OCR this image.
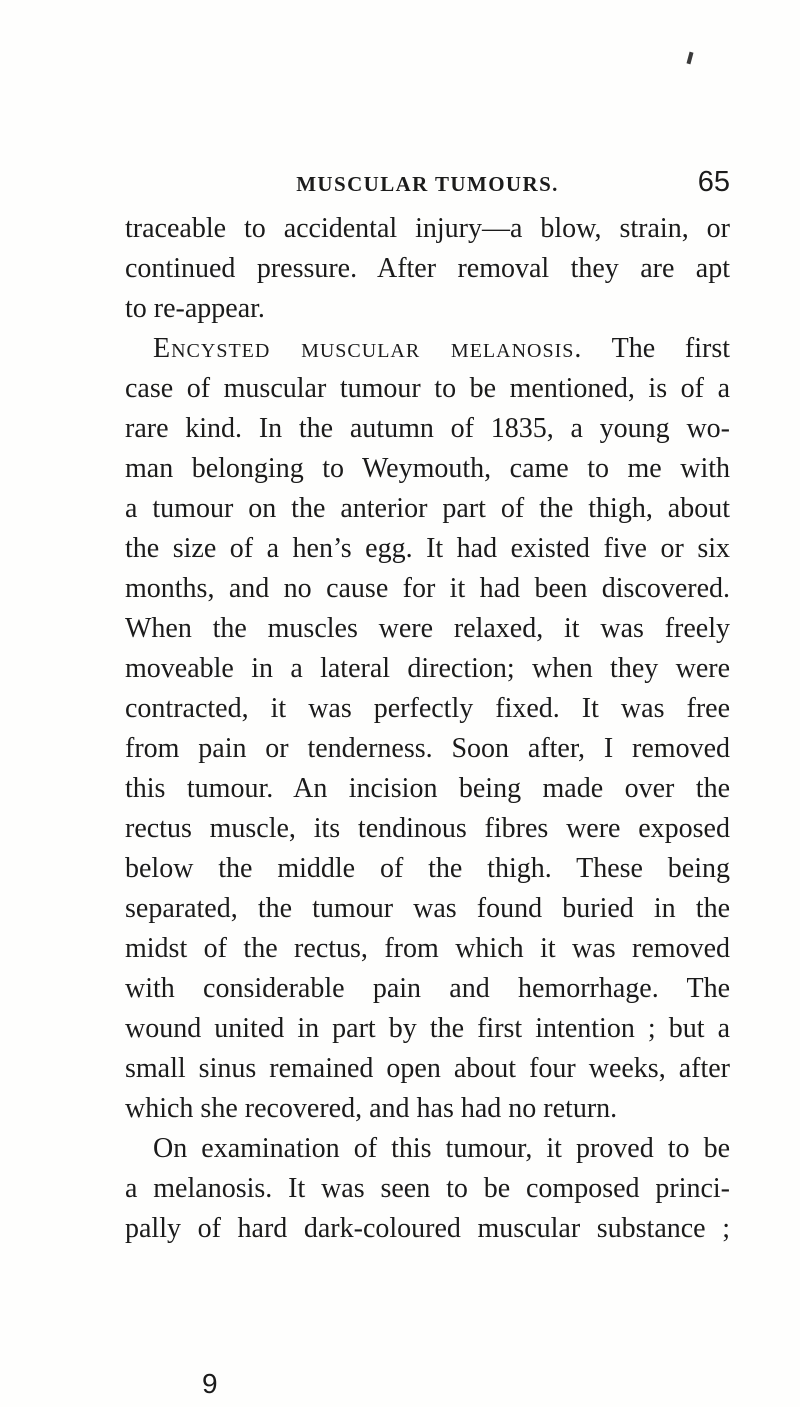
MUSCULAR TUMOURS.	65
traceable to accidental injury—a blow, strain, or
continued pressure. After removal they are apt
to re-appear.
Encysted muscular melanosis. The first
case of muscular tumour to be mentioned, is of a
rare kind. In the autumn of 1835, a young wo-
man belonging to Weymouth, came to me with
a tumour on the anterior part of the thigh, about
the size of a hen’s egg. It had existed five or six
months, and no cause for it had been discovered.
When the muscles were relaxed, it was freely
moveable in a lateral direction; when they were
contracted, it was perfectly fixed. It was free
from pain or tenderness. Soon after, I removed
this tumour. An incision being made over the
rectus muscle, its tendinous fibres were exposed
below the middle of the thigh. These being
separated, the tumour was found buried in the
midst of the rectus, from which it was removed
with considerable pain and hemorrhage. The
wound united in part by the first intention ; but a
small sinus remained open about four weeks, after
which she recovered, and has had no return.
On examination of this tumour, it proved to be
a melanosis. It was seen to be composed princi-
pally of hard dark-coloured muscular substance ;
9
